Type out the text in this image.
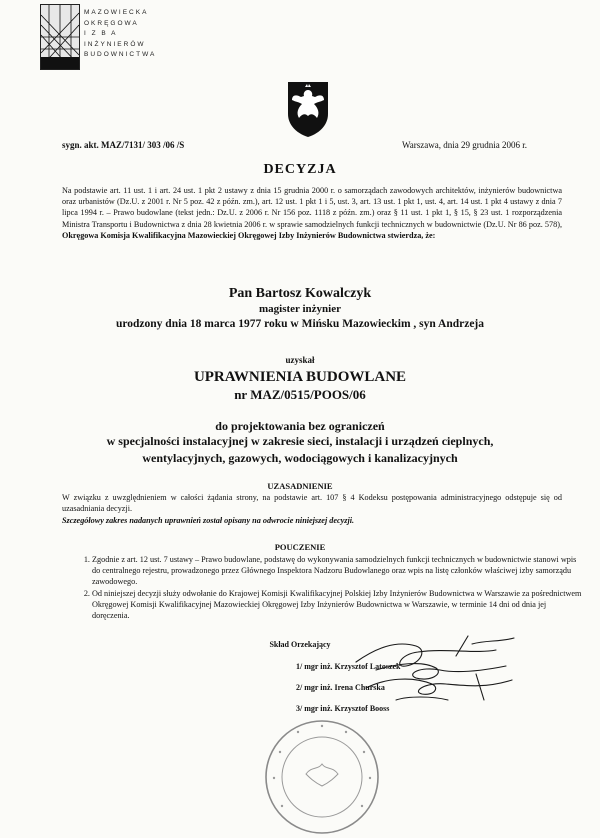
MAZOWIECKA
OKRĘGOWA
I Z B A
INŻYNIERÓW
BUDOWNICTWA
sygn. akt. MAZ/7131/ 303 /06 /S	Warszawa, dnia 29 grudnia 2006 r.
DECYZJA
Na podstawie art. 11 ust. 1 i art. 24 ust. 1 pkt 2 ustawy z dnia 15 grudnia 2000 r. o samorządach zawodowych architektów, inżynierów budownictwa oraz urbanistów (Dz.U. z 2001 r. Nr 5 poz. 42 z późn. zm.), art. 12 ust. 1 pkt 1 i 5, ust. 3, art. 13 ust. 1 pkt 1, ust. 4, art. 14 ust. 1 pkt 4 ustawy z dnia 7 lipca 1994 r. – Prawo budowlane (tekst jedn.: Dz.U. z 2006 r. Nr 156 poz. 1118 z późn. zm.) oraz § 11 ust. 1 pkt 1, § 15, § 23 ust. 1 rozporządzenia Ministra Transportu i Budownictwa z dnia 28 kwietnia 2006 r. w sprawie samodzielnych funkcji technicznych w budownictwie (Dz.U. Nr 86 poz. 578), Okręgowa Komisja Kwalifikacyjna Mazowieckiej Okręgowej Izby Inżynierów Budownictwa stwierdza, że:
Pan Bartosz Kowalczyk
magister inżynier
urodzony dnia 18 marca 1977 roku w Mińsku Mazowieckim , syn Andrzeja
uzyskał
UPRAWNIENIA BUDOWLANE
nr MAZ/0515/POOS/06
do projektowania bez ograniczeń
w specjalności instalacyjnej w zakresie sieci, instalacji i urządzeń cieplnych,
wentylacyjnych, gazowych, wodociągowych i kanalizacyjnych
UZASADNIENIE
W związku z uwzględnieniem w całości żądania strony, na podstawie art. 107 § 4 Kodeksu postępowania administracyjnego odstępuje się od uzasadniania decyzji.
Szczegółowy zakres nadanych uprawnień został opisany na odwrocie niniejszej decyzji.
POUCZENIE
1. Zgodnie z art. 12 ust. 7 ustawy – Prawo budowlane, podstawę do wykonywania samodzielnych funkcji technicznych w budownictwie stanowi wpis do centralnego rejestru, prowadzonego przez Głównego Inspektora Nadzoru Budowlanego oraz wpis na listę członków właściwej izby samorządu zawodowego.
2. Od niniejszej decyzji służy odwołanie do Krajowej Komisji Kwalifikacyjnej Polskiej Izby Inżynierów Budownictwa w Warszawie za pośrednictwem Okręgowej Komisji Kwalifikacyjnej Mazowieckiej Okręgowej Izby Inżynierów Budownictwa w Warszawie, w terminie 14 dni od dnia jej doręczenia.
Skład Orzekający
1/ mgr inż. Krzysztof Latoszek
2/ mgr inż. Irena Churska
3/ mgr inż. Krzysztof Booss
